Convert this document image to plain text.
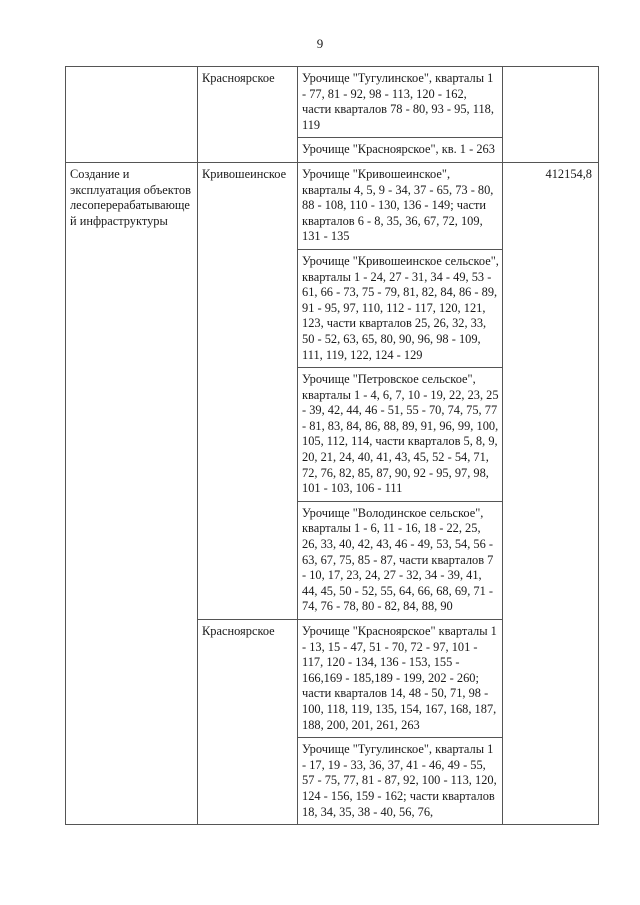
9
	Красноярское	Урочище "Тугулинское", кварталы 1 - 77, 81 - 92, 98 - 113, 120 - 162, части кварталов 78 - 80, 93 - 95, 118, 119	
		Урочище "Красноярское", кв. 1 - 263	
Создание и эксплуатация объектов лесоперерабатывающе й инфраструктуры	Кривошеинское	Урочище "Кривошеинское", кварталы 4, 5, 9 - 34, 37 - 65, 73 - 80, 88 - 108, 110 - 130, 136 - 149; части кварталов 6 - 8, 35, 36, 67, 72, 109, 131 - 135	412154,8
		Урочище "Кривошеинское сельское", кварталы 1 - 24, 27 - 31, 34 - 49, 53 - 61, 66 - 73, 75 - 79, 81, 82, 84, 86 - 89, 91 - 95, 97, 110, 112 - 117, 120, 121, 123, части кварталов 25, 26, 32, 33, 50 - 52, 63, 65, 80, 90, 96, 98 - 109, 111, 119, 122, 124 - 129	
		Урочище "Петровское сельское", кварталы 1 - 4, 6, 7, 10 - 19, 22, 23, 25 - 39, 42, 44, 46 - 51, 55 - 70, 74, 75, 77 - 81, 83, 84, 86, 88, 89, 91, 96, 99, 100, 105, 112, 114, части кварталов 5, 8, 9, 20, 21, 24, 40, 41, 43, 45, 52 - 54, 71, 72, 76, 82, 85, 87, 90, 92 - 95, 97, 98, 101 - 103, 106 - 111	
		Урочище "Володинское сельское", кварталы 1 - 6, 11 - 16, 18 - 22, 25, 26, 33, 40, 42, 43, 46 - 49, 53, 54, 56 - 63, 67, 75, 85 - 87, части кварталов 7 - 10, 17, 23, 24, 27 - 32, 34 - 39, 41, 44, 45, 50 - 52, 55, 64, 66, 68, 69, 71 - 74, 76 - 78, 80 - 82, 84, 88, 90	
	Красноярское	Урочище "Красноярское" кварталы 1 - 13, 15 - 47, 51 - 70, 72 - 97, 101 - 117, 120 - 134, 136 - 153, 155 - 166,169 - 185,189 - 199, 202 - 260; части кварталов 14, 48 - 50, 71, 98 - 100, 118, 119, 135, 154, 167, 168, 187, 188, 200, 201, 261, 263	
		Урочище "Тугулинское", кварталы 1 - 17, 19 - 33, 36, 37, 41 - 46, 49 - 55, 57 - 75, 77, 81 - 87, 92, 100 - 113, 120, 124 - 156, 159 - 162; части кварталов 18, 34, 35, 38 - 40, 56, 76,	
